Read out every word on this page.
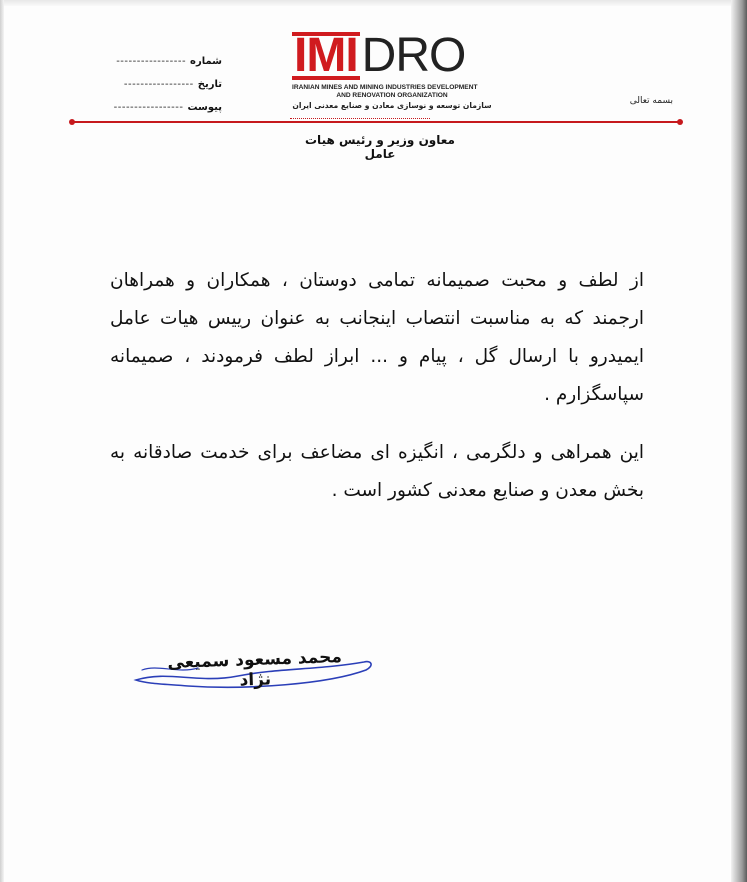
شماره
-----------------
تاریخ
-----------------
پیوست
-----------------
IMI DRO
IRANIAN MINES AND MINING INDUSTRIES DEVELOPMENT
AND RENOVATION ORGANIZATION
سازمان توسعه و نوسازی معادن و صنایع معدنی ایران	بسمه تعالی
معاون وزیر و رئیس هیات عامل

از لطف و محبت صمیمانه تمامی دوستان ، همکاران و همراهان ارجمند که به مناسبت انتصاب اینجانب به عنوان رییس هیات عامل ایمیدرو با ارسال گل ، پیام و ... ابراز لطف فرمودند ، صمیمانه سپاسگزارم .

این همراهی و دلگرمی ، انگیزه ای مضاعف برای خدمت صادقانه به بخش معدن و صنایع معدنی کشور است .

محمد مسعود سمیعی نژاد
